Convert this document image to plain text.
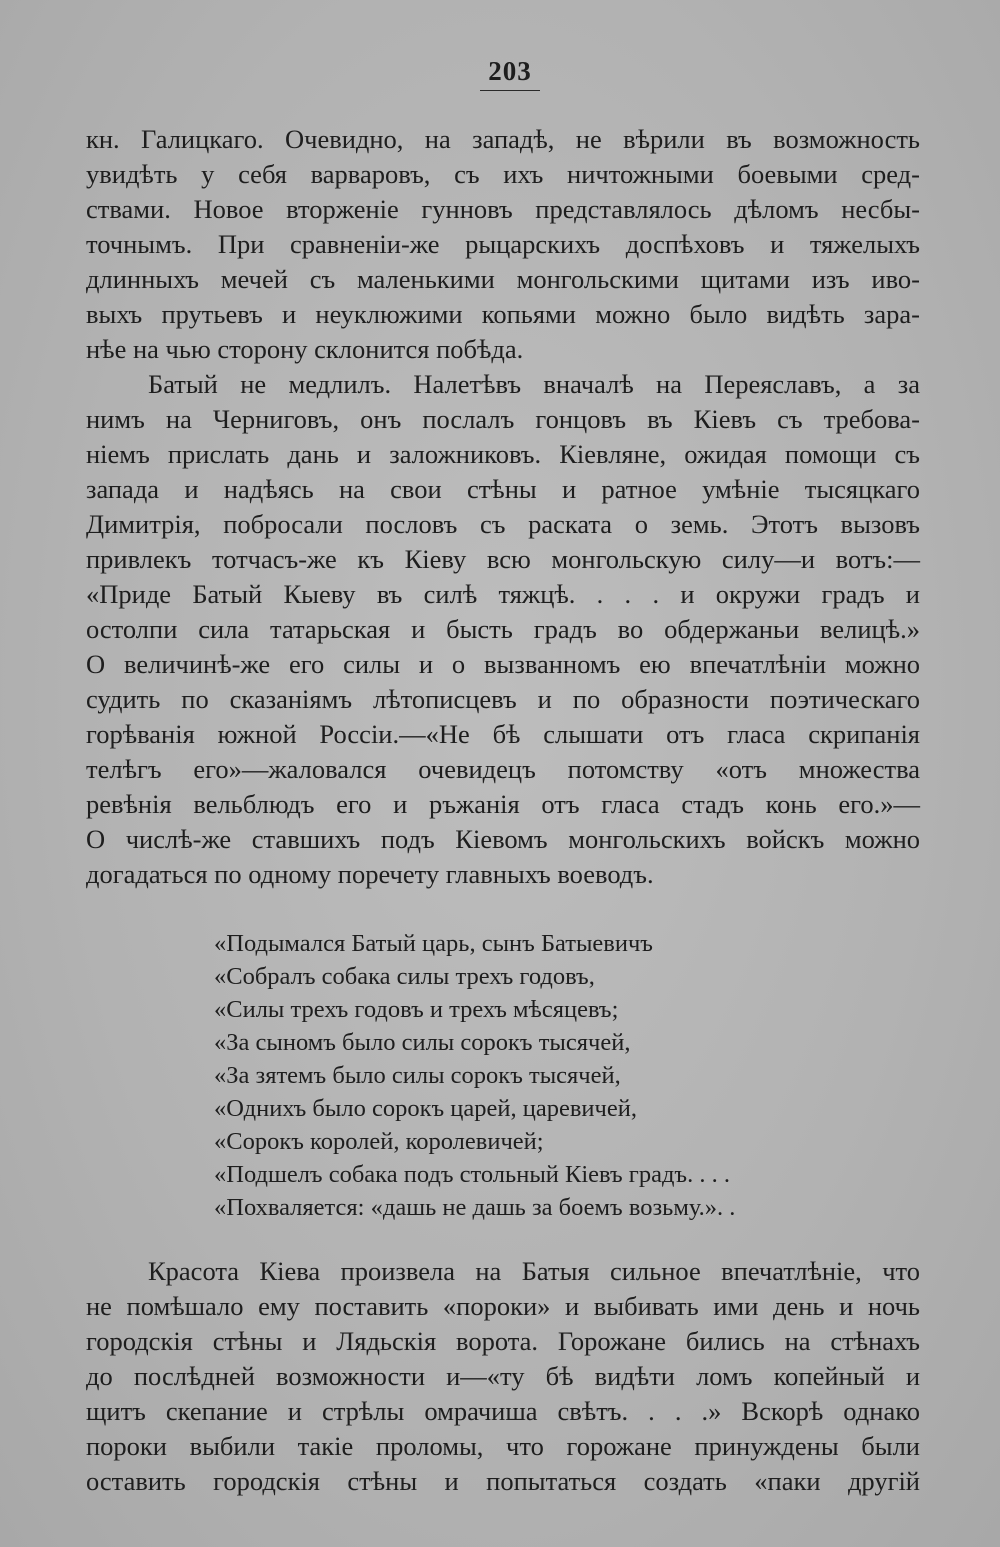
203
кн. Галицкаго. Очевидно, на западѣ, не вѣрили въ возможность
увидѣть у себя варваровъ, съ ихъ ничтожными боевыми сред-
ствами. Новое вторженіе гунновъ представлялось дѣломъ несбы-
точнымъ. При сравненіи-же рыцарскихъ доспѣховъ и тяжелыхъ
длинныхъ мечей съ маленькими монгольскими щитами изъ иво-
выхъ прутьевъ и неуклюжими копьями можно было видѣть зара-
нѣе на чью сторону склонится побѣда.
Батый не медлилъ. Налетѣвъ вначалѣ на Переяславъ, а за
нимъ на Черниговъ, онъ послалъ гонцовъ въ Кіевъ съ требова-
ніемъ прислать дань и заложниковъ. Кіевляне, ожидая помощи съ
запада и надѣясь на свои стѣны и ратное умѣніе тысяцкаго
Димитрія, побросали пословъ съ раската о земь. Этотъ вызовъ
привлекъ тотчасъ-же къ Кіеву всю монгольскую силу—и вотъ:—
«Приде Батый Кыеву въ силѣ тяжцѣ. . . . и окружи градъ и
остолпи сила татарьская и бысть градъ во обдержаньи велицѣ.»
О величинѣ-же его силы и о вызванномъ ею впечатлѣніи можно
судить по сказаніямъ лѣтописцевъ и по образности поэтическаго
горѣванія южной Россіи.—«Не бѣ слышати отъ гласа скрипанія
телѣгъ его»—жаловался очевидецъ потомству «отъ множества
ревѣнія вельблюдъ его и ръжанія отъ гласа стадъ конь его.»—
О числѣ-же ставшихъ подъ Кіевомъ монгольскихъ войскъ можно
догадаться по одному поречету главныхъ воеводъ.
«Подымался Батый царь, сынъ Батыевичъ
«Собралъ собака силы трехъ годовъ,
«Силы трехъ годовъ и трехъ мѣсяцевъ;
«За сыномъ было силы сорокъ тысячей,
«За зятемъ было силы сорокъ тысячей,
«Однихъ было сорокъ царей, царевичей,
«Сорокъ королей, королевичей;
«Подшелъ собака подъ стольный Кіевъ градъ. . . .
«Похваляется: «дашь не дашь за боемъ возьму.». .
Красота Кіева произвела на Батыя сильное впечатлѣніе, что
не помѣшало ему поставить «пороки» и выбивать ими день и ночь
городскія стѣны и Лядьскія ворота. Горожане бились на стѣнахъ
до послѣдней возможности и—«ту бѣ видѣти ломъ копейный и
щитъ скепание и стрѣлы омрачиша свѣтъ. . . .» Вскорѣ однако
пороки выбили такіе проломы, что горожане принуждены были
оставить городскія стѣны и попытаться создать «паки другій
